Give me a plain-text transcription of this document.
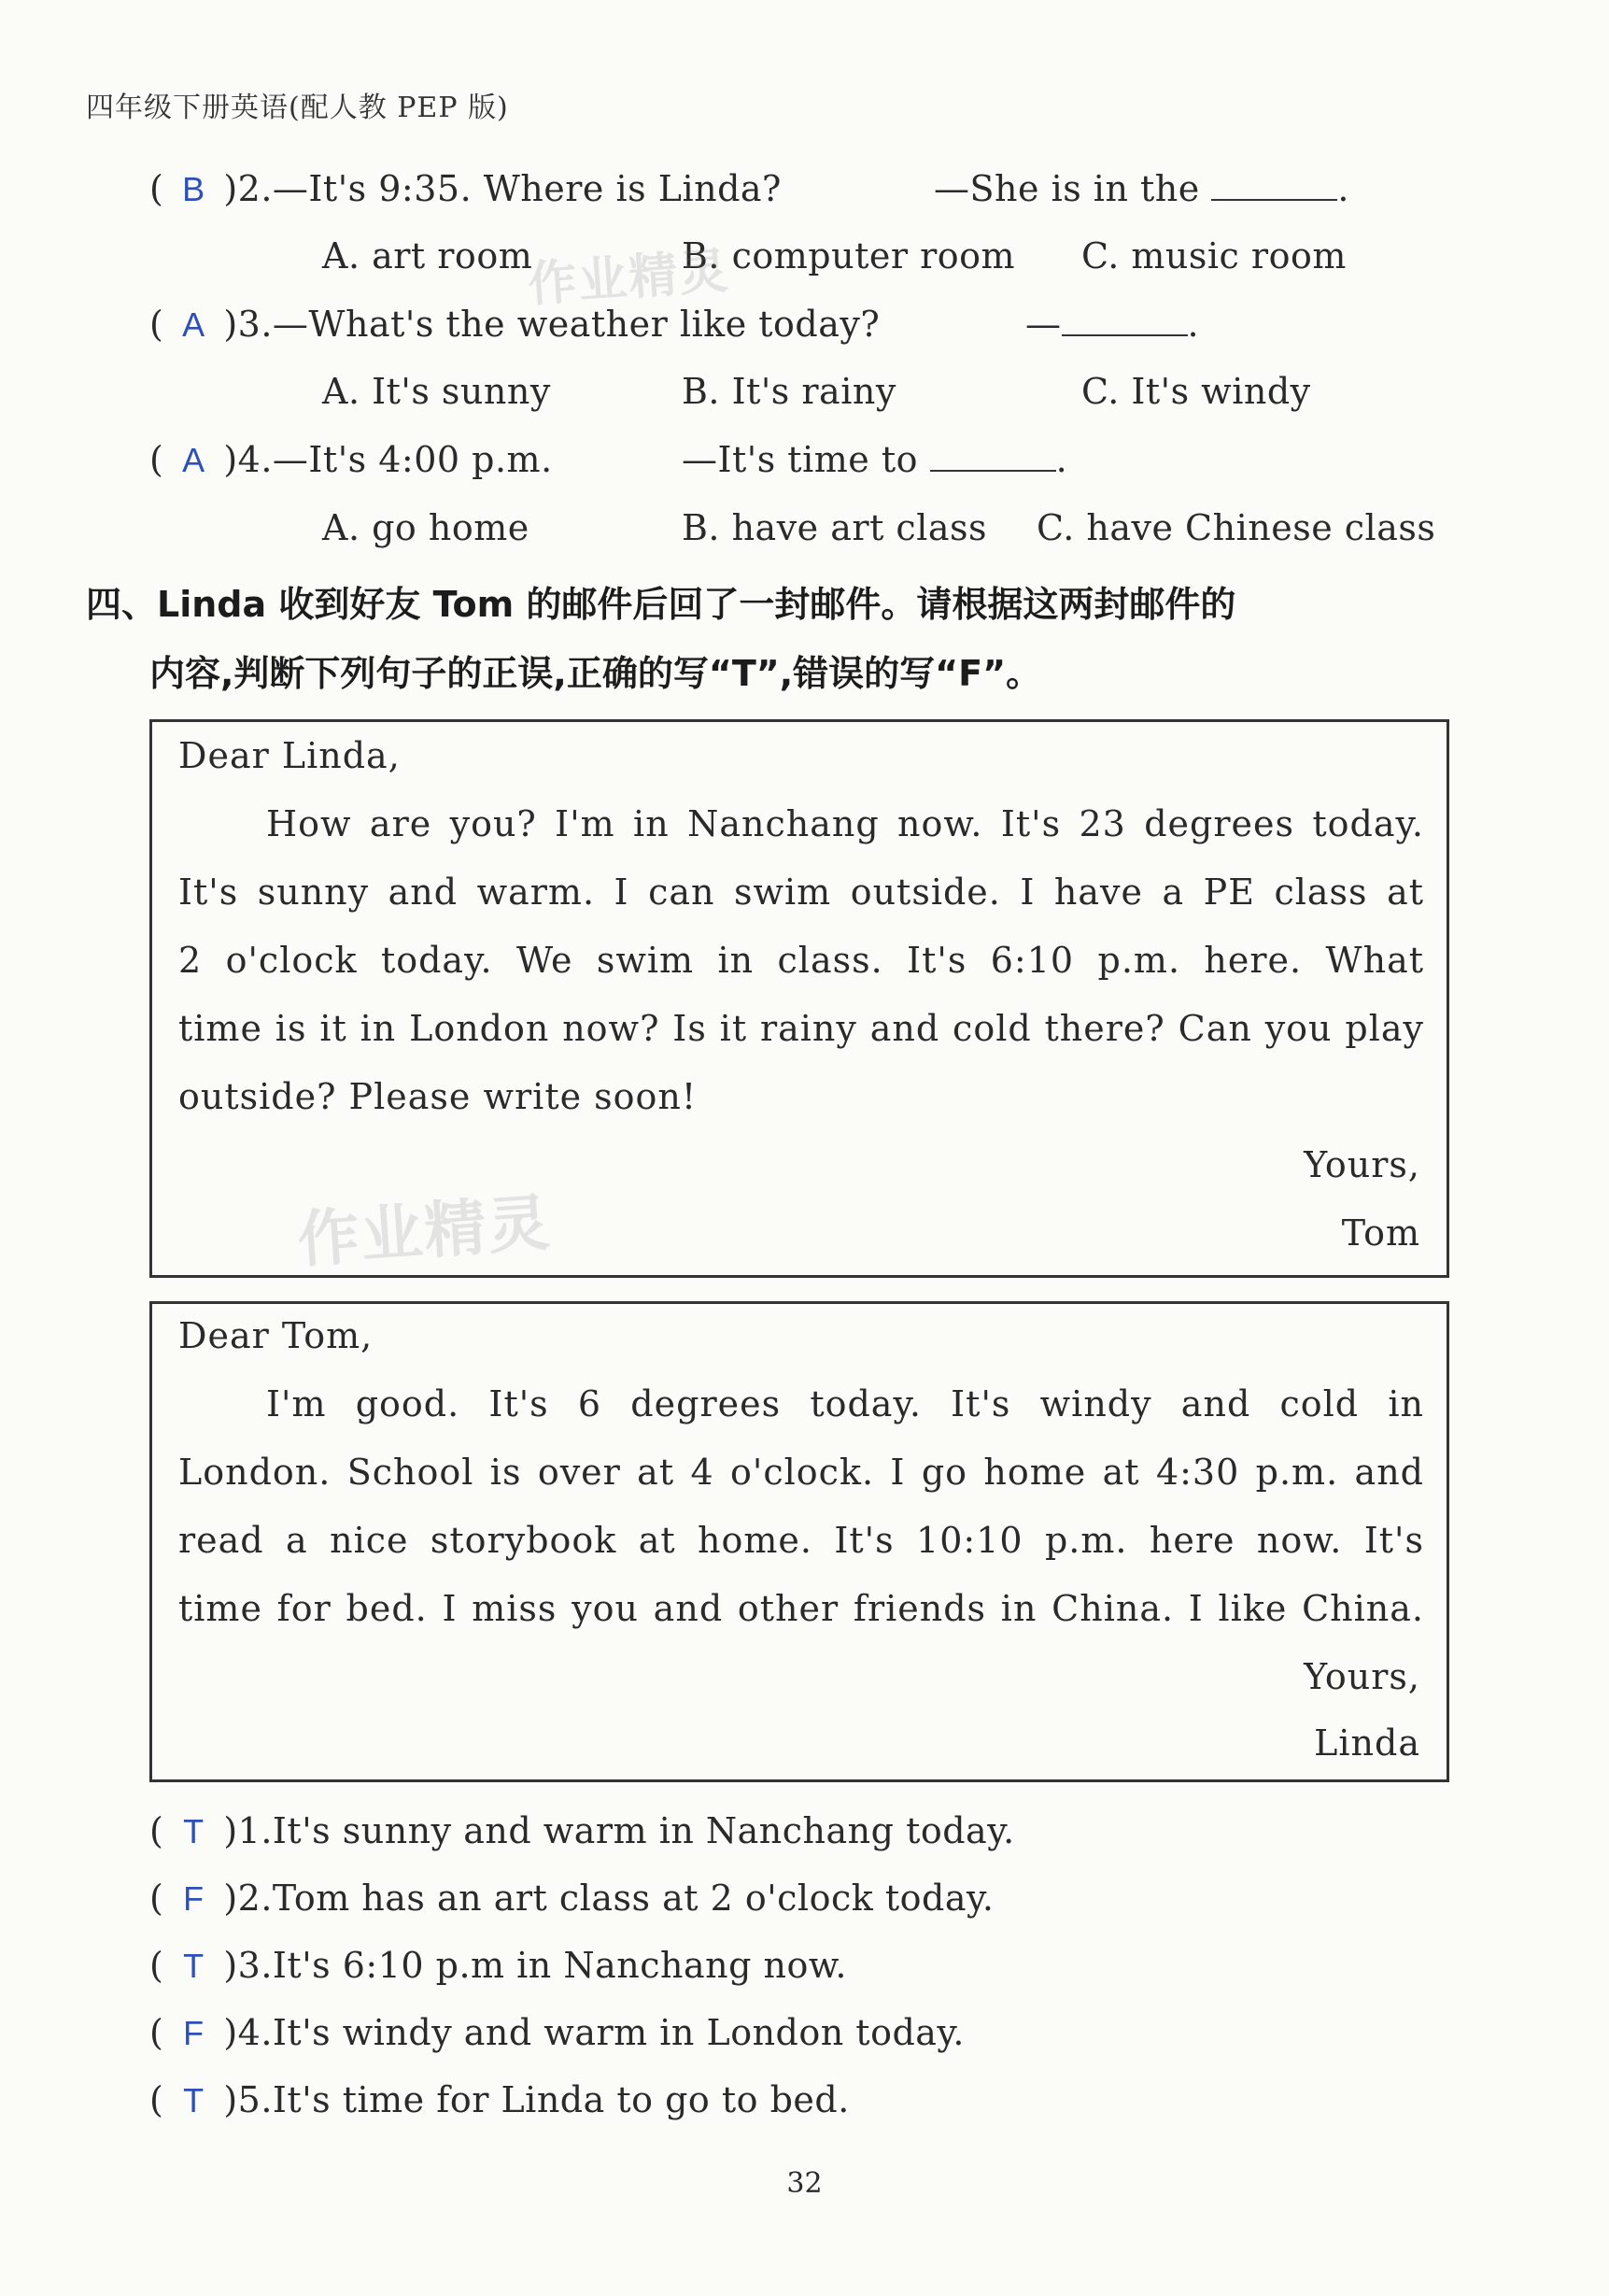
四年级下册英语(配人教 PEP 版)
( B )2.—It's 9:35. Where is Linda?	—She is in the	.
A. art room	B. computer room C. music room
( A )3.—What's the weather like today?	—	.
A. It's sunny	B. It's rainy	C. It's windy
( A )4.—It's 4:00 p.m.	—It's time to	.
A. go home	B. have art class C. have Chinese class
四、Linda 收到好友 Tom 的邮件后回了一封邮件。请根据这两封邮件的
内容,判断下列句子的正误,正确的写“T”,错误的写“F”。
Dear Linda,
How are you? I'm in Nanchang now. It's 23 degrees today.
It's sunny and warm. I can swim outside. I have a PE class at
2 o'clock today. We swim in class. It's 6:10 p.m. here. What
time is it in London now? Is it rainy and cold there? Can you play
outside? Please write soon!
Yours,
Tom
作业精灵
作业精灵
Dear Tom,
I'm good. It's 6 degrees today. It's windy and cold in
London. School is over at 4 o'clock. I go home at 4:30 p.m. and
read a nice storybook at home. It's 10:10 p.m. here now. It's
time for bed. I miss you and other friends in China. I like China.
Yours,
Linda
( T )1.It's sunny and warm in Nanchang today.
( F )2.Tom has an art class at 2 o'clock today.
( T )3.It's 6:10 p.m in Nanchang now.
( F )4.It's windy and warm in London today.
( T )5.It's time for Linda to go to bed.
32
